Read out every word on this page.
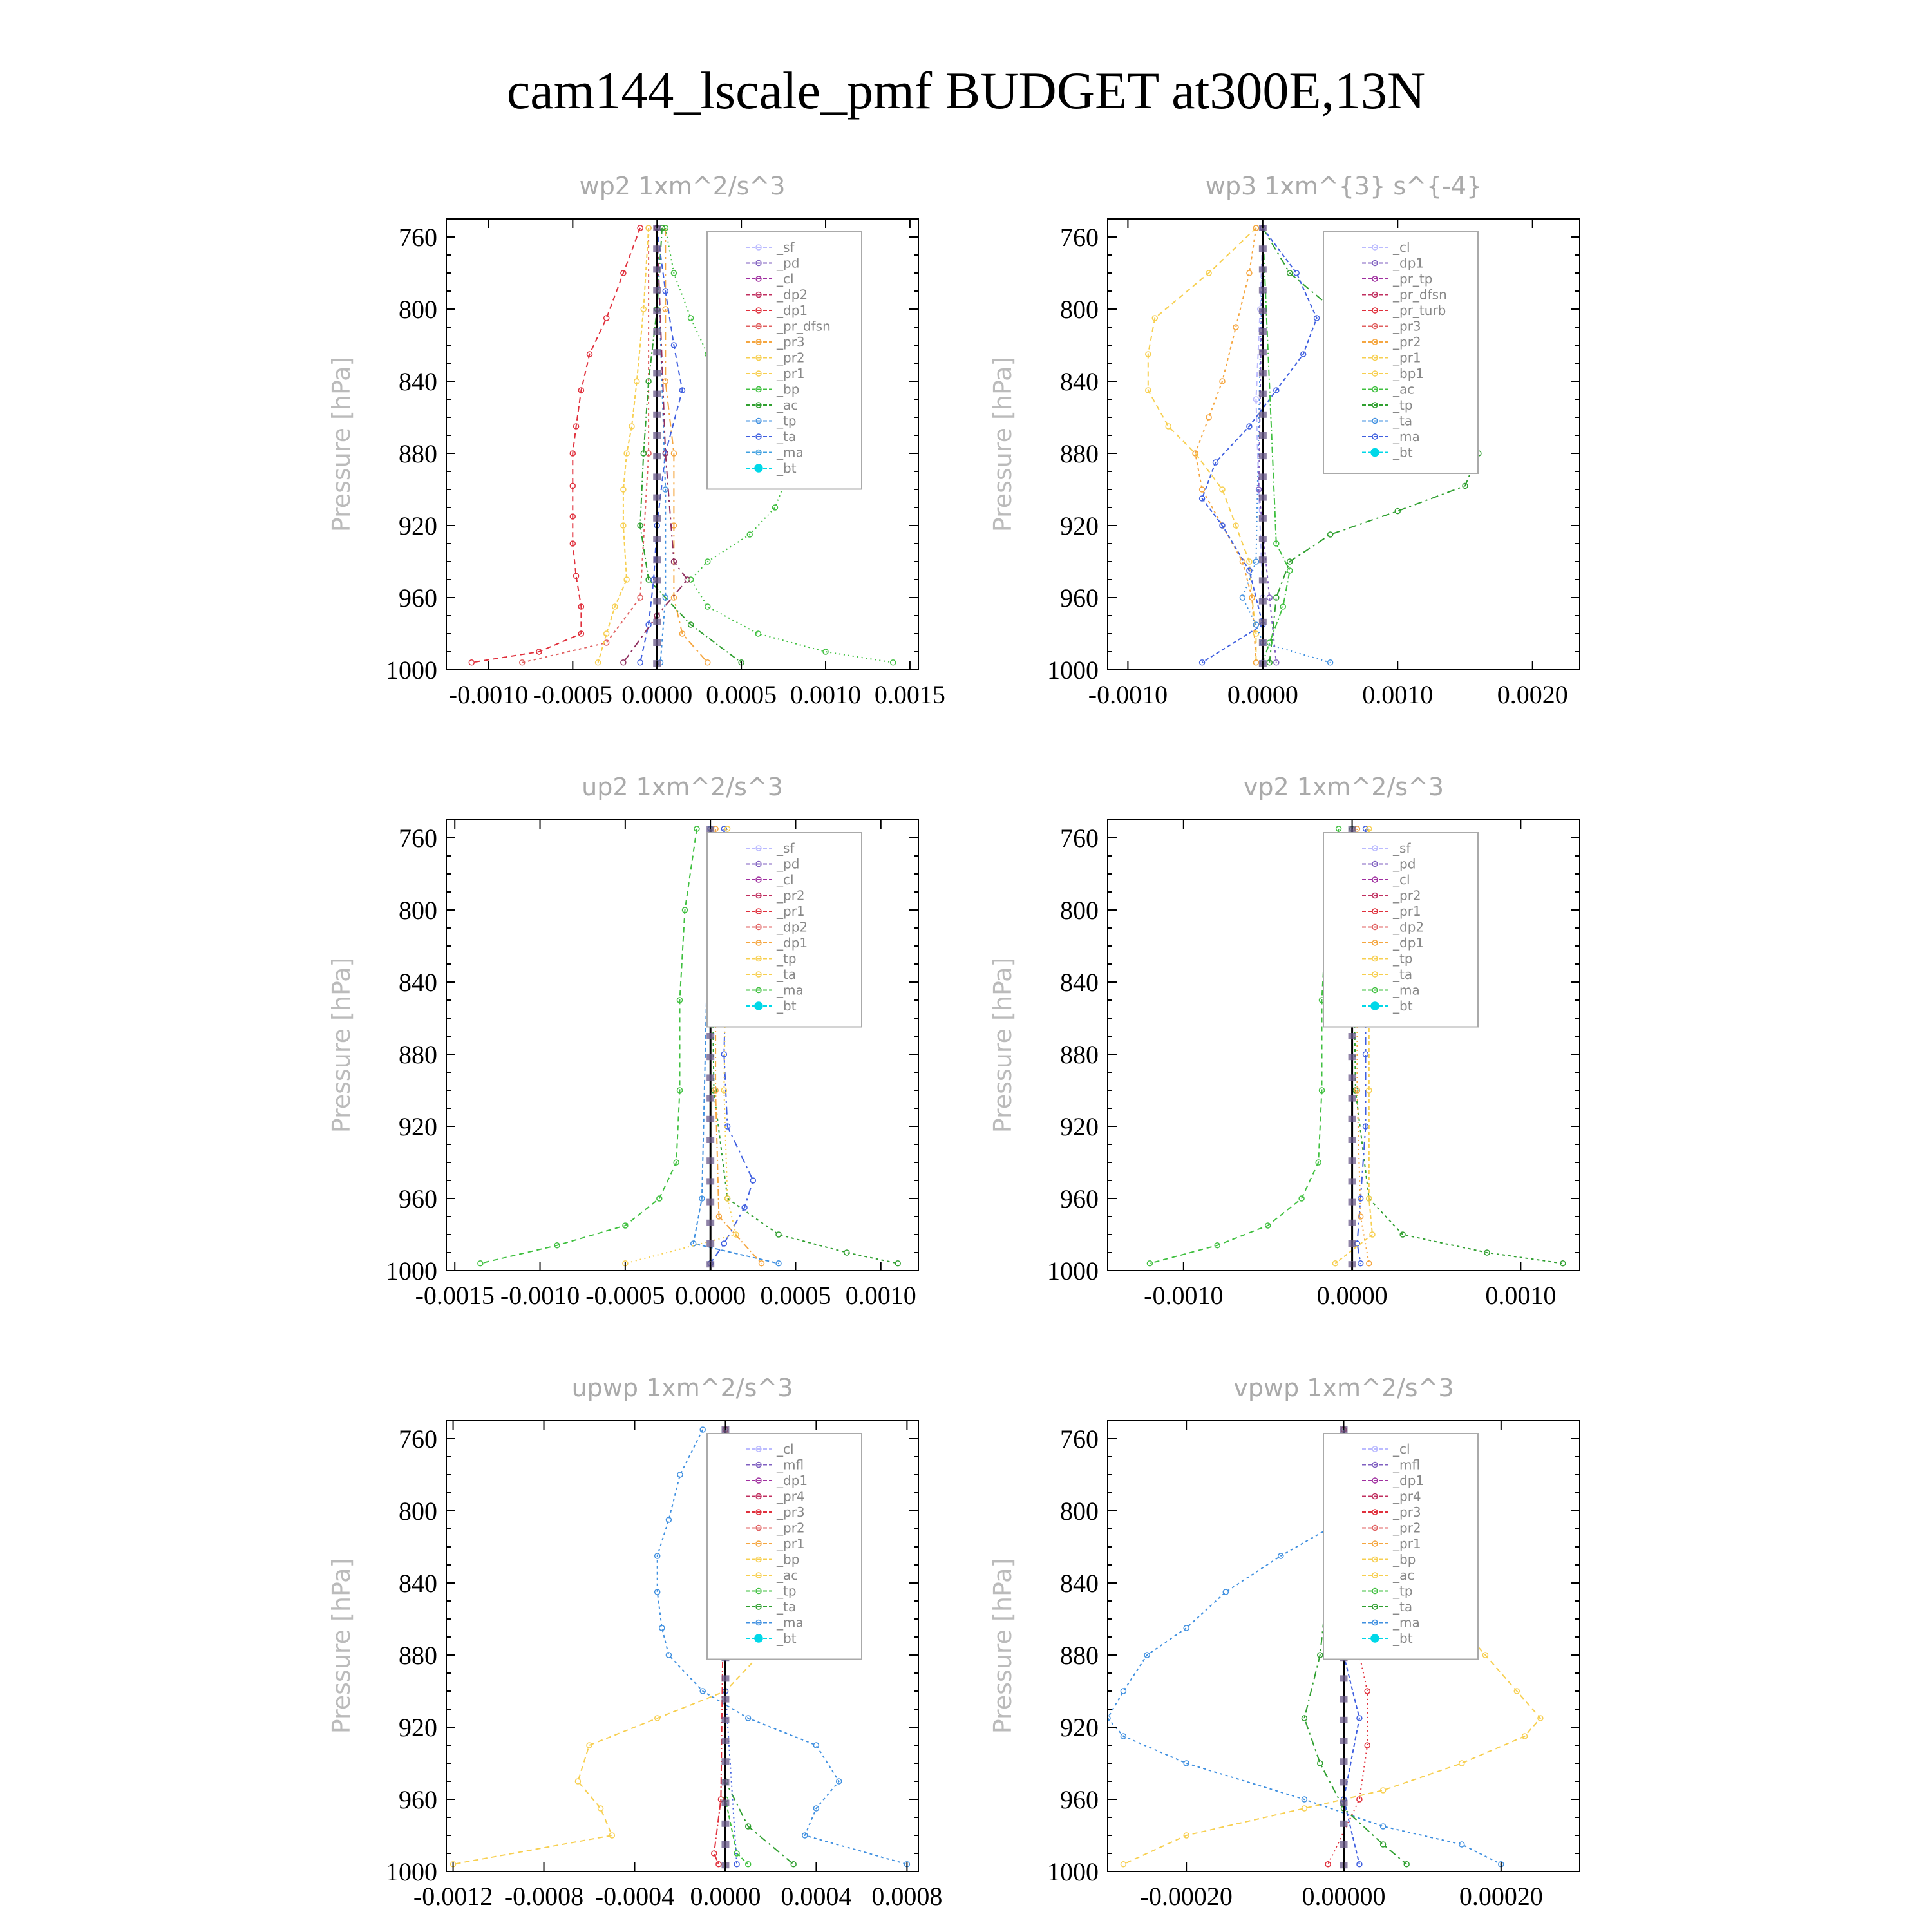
cam144_lscale_pmf BUDGET at300E,13N
wp2 1xm^2/s^3
Pressure [hPa]
760
800
840
880
920
960
1000
-0.0010 -0.0005 0.0000 0.0005 0.0010 0.0015
_sf
_pd
_cl
_dp2
_dp1
_pr_dfsn
_pr3
_pr2
_pr1
_bp
_ac
_tp
_ta
_ma
_bt
wp3 1xm^{3} s^{-4}
Pressure [hPa]
760
800
840
880
920
960
1000
-0.0010 0.0000 0.0010 0.0020
_cl
_dp1
_pr_tp
_pr_dfsn
_pr_turb
_pr3
_pr2
_pr1
_bp1
_ac
_tp
_ta
_ma
_bt
up2 1xm^2/s^3
Pressure [hPa]
760
800
840
880
920
960
1000
-0.0015 -0.0010 -0.0005 0.0000 0.0005 0.0010
_sf
_pd
_cl
_pr2
_pr1
_dp2
_dp1
_tp
_ta
_ma
_bt
vp2 1xm^2/s^3
Pressure [hPa]
760
800
840
880
920
960
1000
-0.0010	0.0000	0.0010
_sf
_pd
_cl
_pr2
_pr1
_dp2
_dp1
_tp
_ta
_ma
_bt
upwp 1xm^2/s^3
Pressure [hPa]
760
800
840
880
920
960
1000
-0.0012 -0.0008 -0.0004 0.0000 0.0004 0.0008
_cl
_mfl
_dp1
_pr4
_pr3
_pr2
_pr1
_bp
_ac
_tp
_ta
_ma
_bt
vpwp 1xm^2/s^3
Pressure [hPa]
760
800
840
880
920
960
1000
-0.00020	0.00000	0.00020
_cl
_mfl
_dp1
_pr4
_pr3
_pr2
_pr1
_bp
_ac
_tp
_ta
_ma
_bt
